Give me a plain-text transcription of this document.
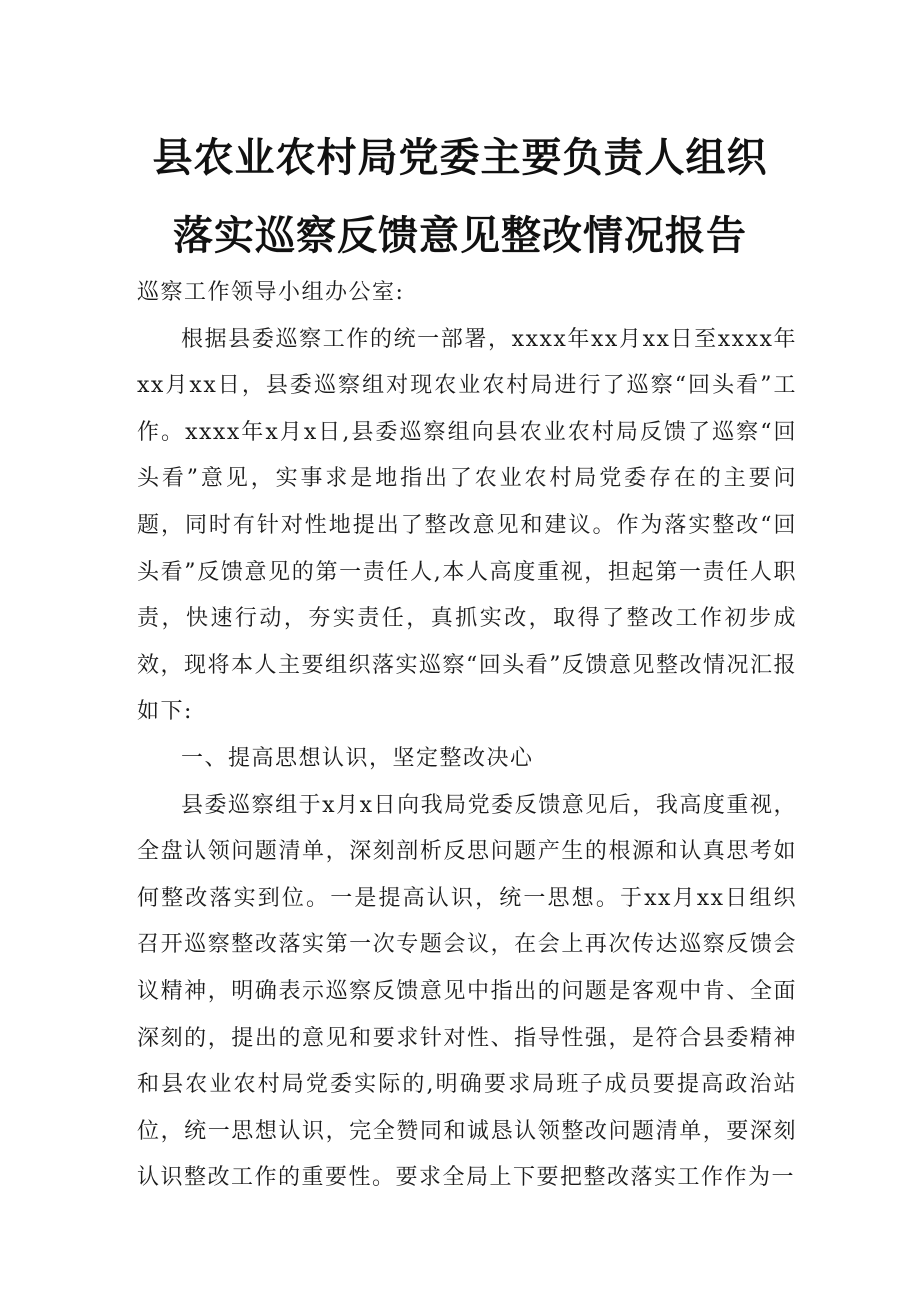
县农业农村局党委主要负责人组织
落实巡察反馈意见整改情况报告

巡察工作领导小组办公室:

根据县委巡察工作的统一部署，xxxx年xx月xx日至xxxx年xx月xx日，县委巡察组对现农业农村局进行了巡察“回头看”工作。xxxx年x月x日,县委巡察组向县农业农村局反馈了巡察“回头看”意见，实事求是地指出了农业农村局党委存在的主要问题，同时有针对性地提出了整改意见和建议。作为落实整改“回头看”反馈意见的第一责任人,本人高度重视，担起第一责任人职责，快速行动，夯实责任，真抓实改，取得了整改工作初步成效，现将本人主要组织落实巡察“回头看”反馈意见整改情况汇报如下:

一、提高思想认识，坚定整改决心

县委巡察组于x月x日向我局党委反馈意见后，我高度重视，全盘认领问题清单，深刻剖析反思问题产生的根源和认真思考如何整改落实到位。一是提高认识，统一思想。于xx月xx日组织召开巡察整改落实第一次专题会议，在会上再次传达巡察反馈会议精神，明确表示巡察反馈意见中指出的问题是客观中肯、全面深刻的，提出的意见和要求针对性、指导性强，是符合县委精神和县农业农村局党委实际的,明确要求局班子成员要提高政治站位，统一思想认识，完全赞同和诚恳认领整改问题清单，要深刻认识整改工作的重要性。要求全局上下要把整改落实工作作为一
